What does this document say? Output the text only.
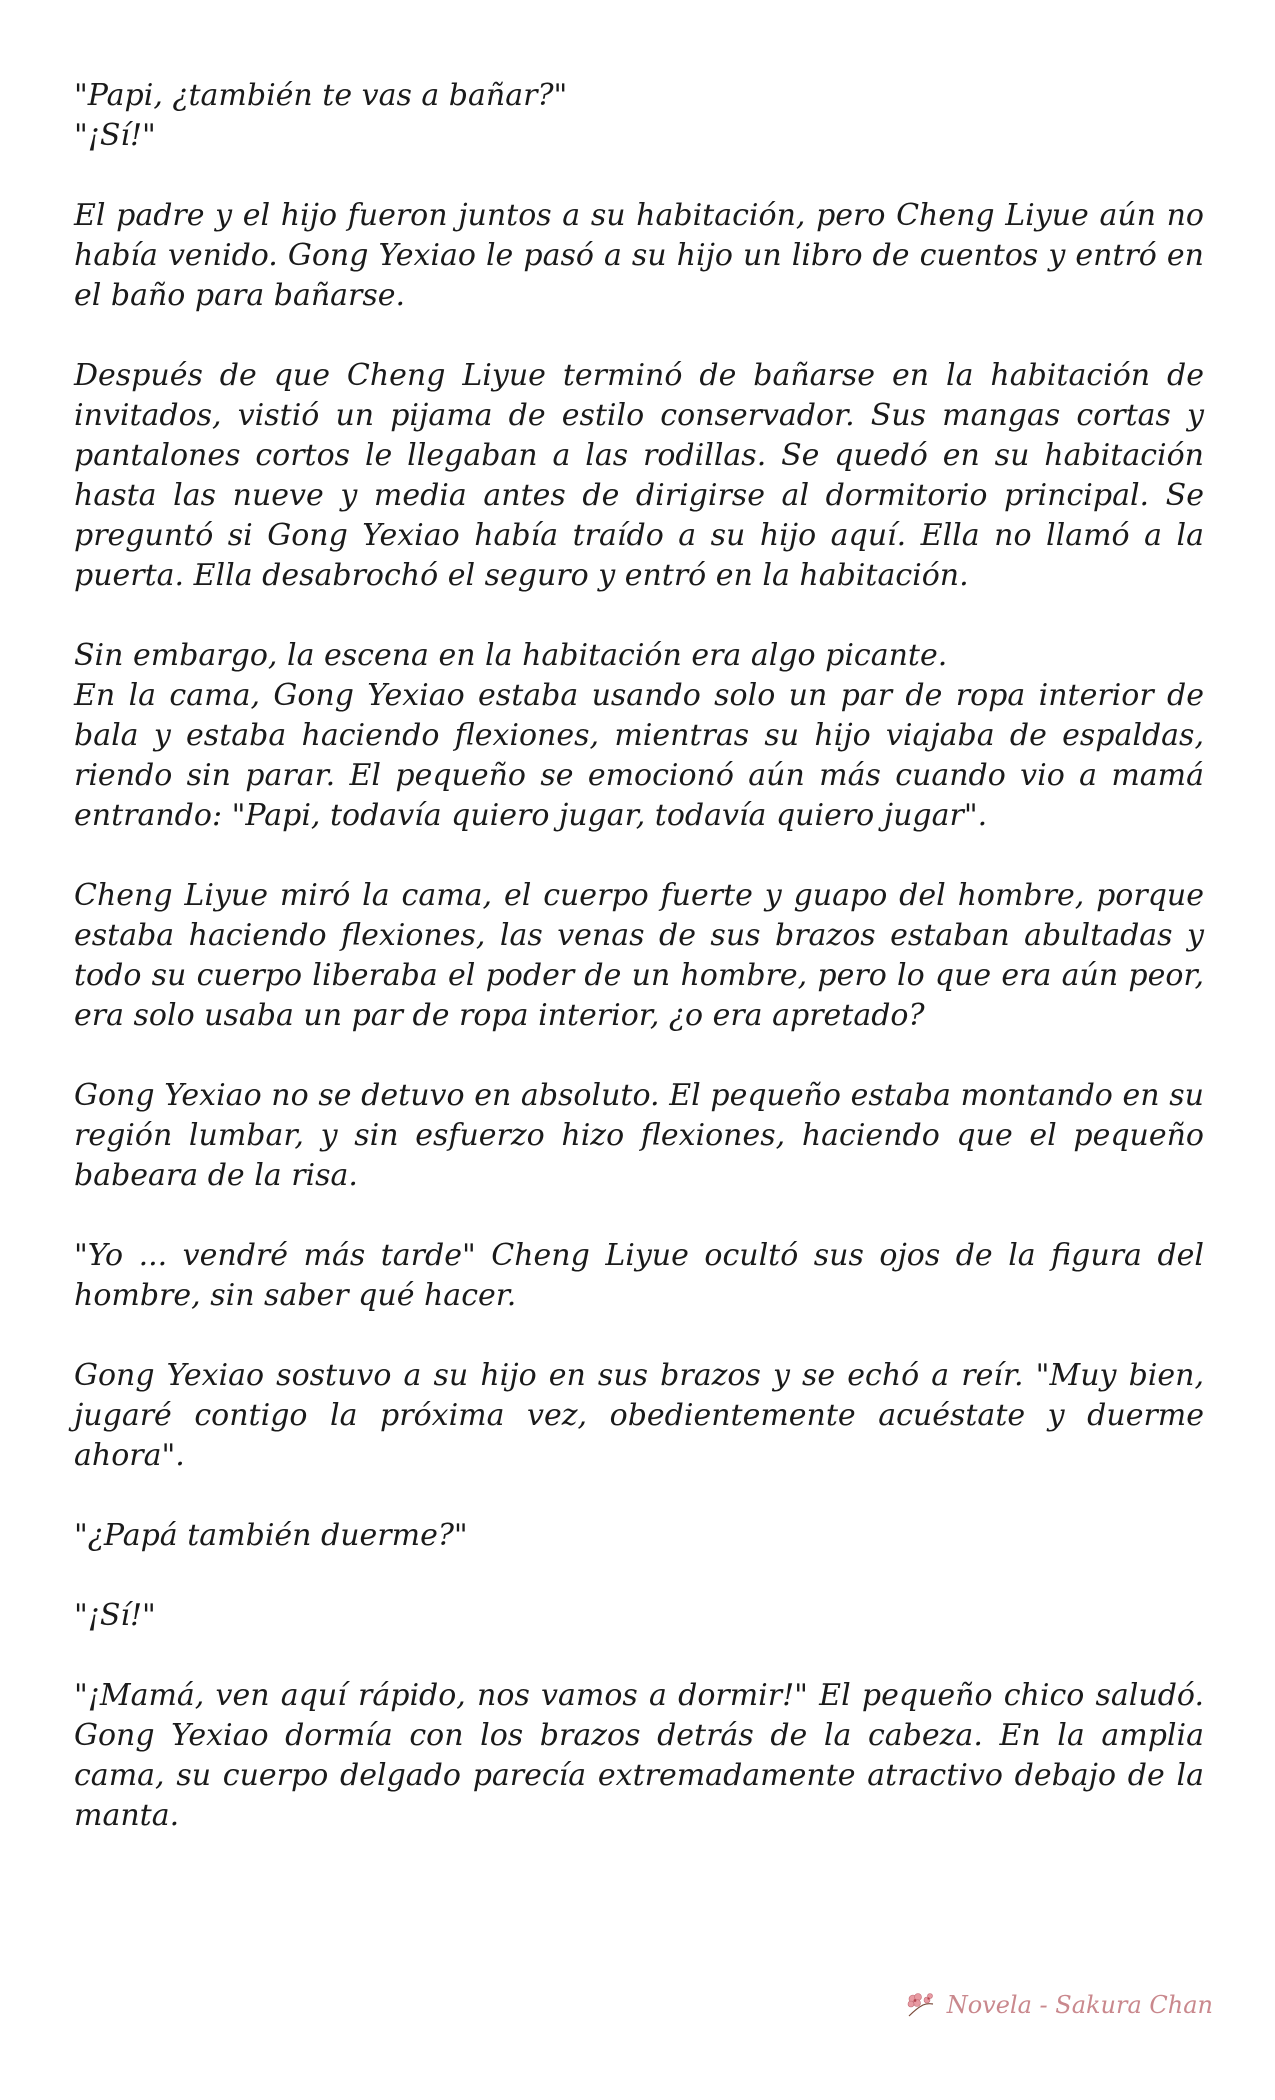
"Papi, ¿también te vas a bañar?"

"¡Sí!"

El padre y el hijo fueron juntos a su habitación, pero Cheng Liyue aún no había venido. Gong Yexiao le pasó a su hijo un libro de cuentos y entró en el baño para bañarse.

Después de que Cheng Liyue terminó de bañarse en la habitación de invitados, vistió un pijama de estilo conservador. Sus mangas cortas y pantalones cortos le llegaban a las rodillas. Se quedó en su habitación hasta las nueve y media antes de dirigirse al dormitorio principal. Se preguntó si Gong Yexiao había traído a su hijo aquí. Ella no llamó a la puerta. Ella desabrochó el seguro y entró en la habitación.

Sin embargo, la escena en la habitación era algo picante.

En la cama, Gong Yexiao estaba usando solo un par de ropa interior de bala y estaba haciendo flexiones, mientras su hijo viajaba de espaldas, riendo sin parar. El pequeño se emocionó aún más cuando vio a mamá entrando: "Papi, todavía quiero jugar, todavía quiero jugar".

Cheng Liyue miró la cama, el cuerpo fuerte y guapo del hombre, porque estaba haciendo flexiones, las venas de sus brazos estaban abultadas y todo su cuerpo liberaba el poder de un hombre, pero lo que era aún peor, era solo usaba un par de ropa interior, ¿o era apretado?

Gong Yexiao no se detuvo en absoluto. El pequeño estaba montando en su región lumbar, y sin esfuerzo hizo flexiones, haciendo que el pequeño babeara de la risa.

"Yo ... vendré más tarde" Cheng Liyue ocultó sus ojos de la figura del hombre, sin saber qué hacer.

Gong Yexiao sostuvo a su hijo en sus brazos y se echó a reír. "Muy bien, jugaré contigo la próxima vez, obedientemente acuéstate y duerme ahora".

"¿Papá también duerme?"

"¡Sí!"

"¡Mamá, ven aquí rápido, nos vamos a dormir!" El pequeño chico saludó. Gong Yexiao dormía con los brazos detrás de la cabeza. En la amplia cama, su cuerpo delgado parecía extremadamente atractivo debajo de la manta.

Novela - Sakura Chan
